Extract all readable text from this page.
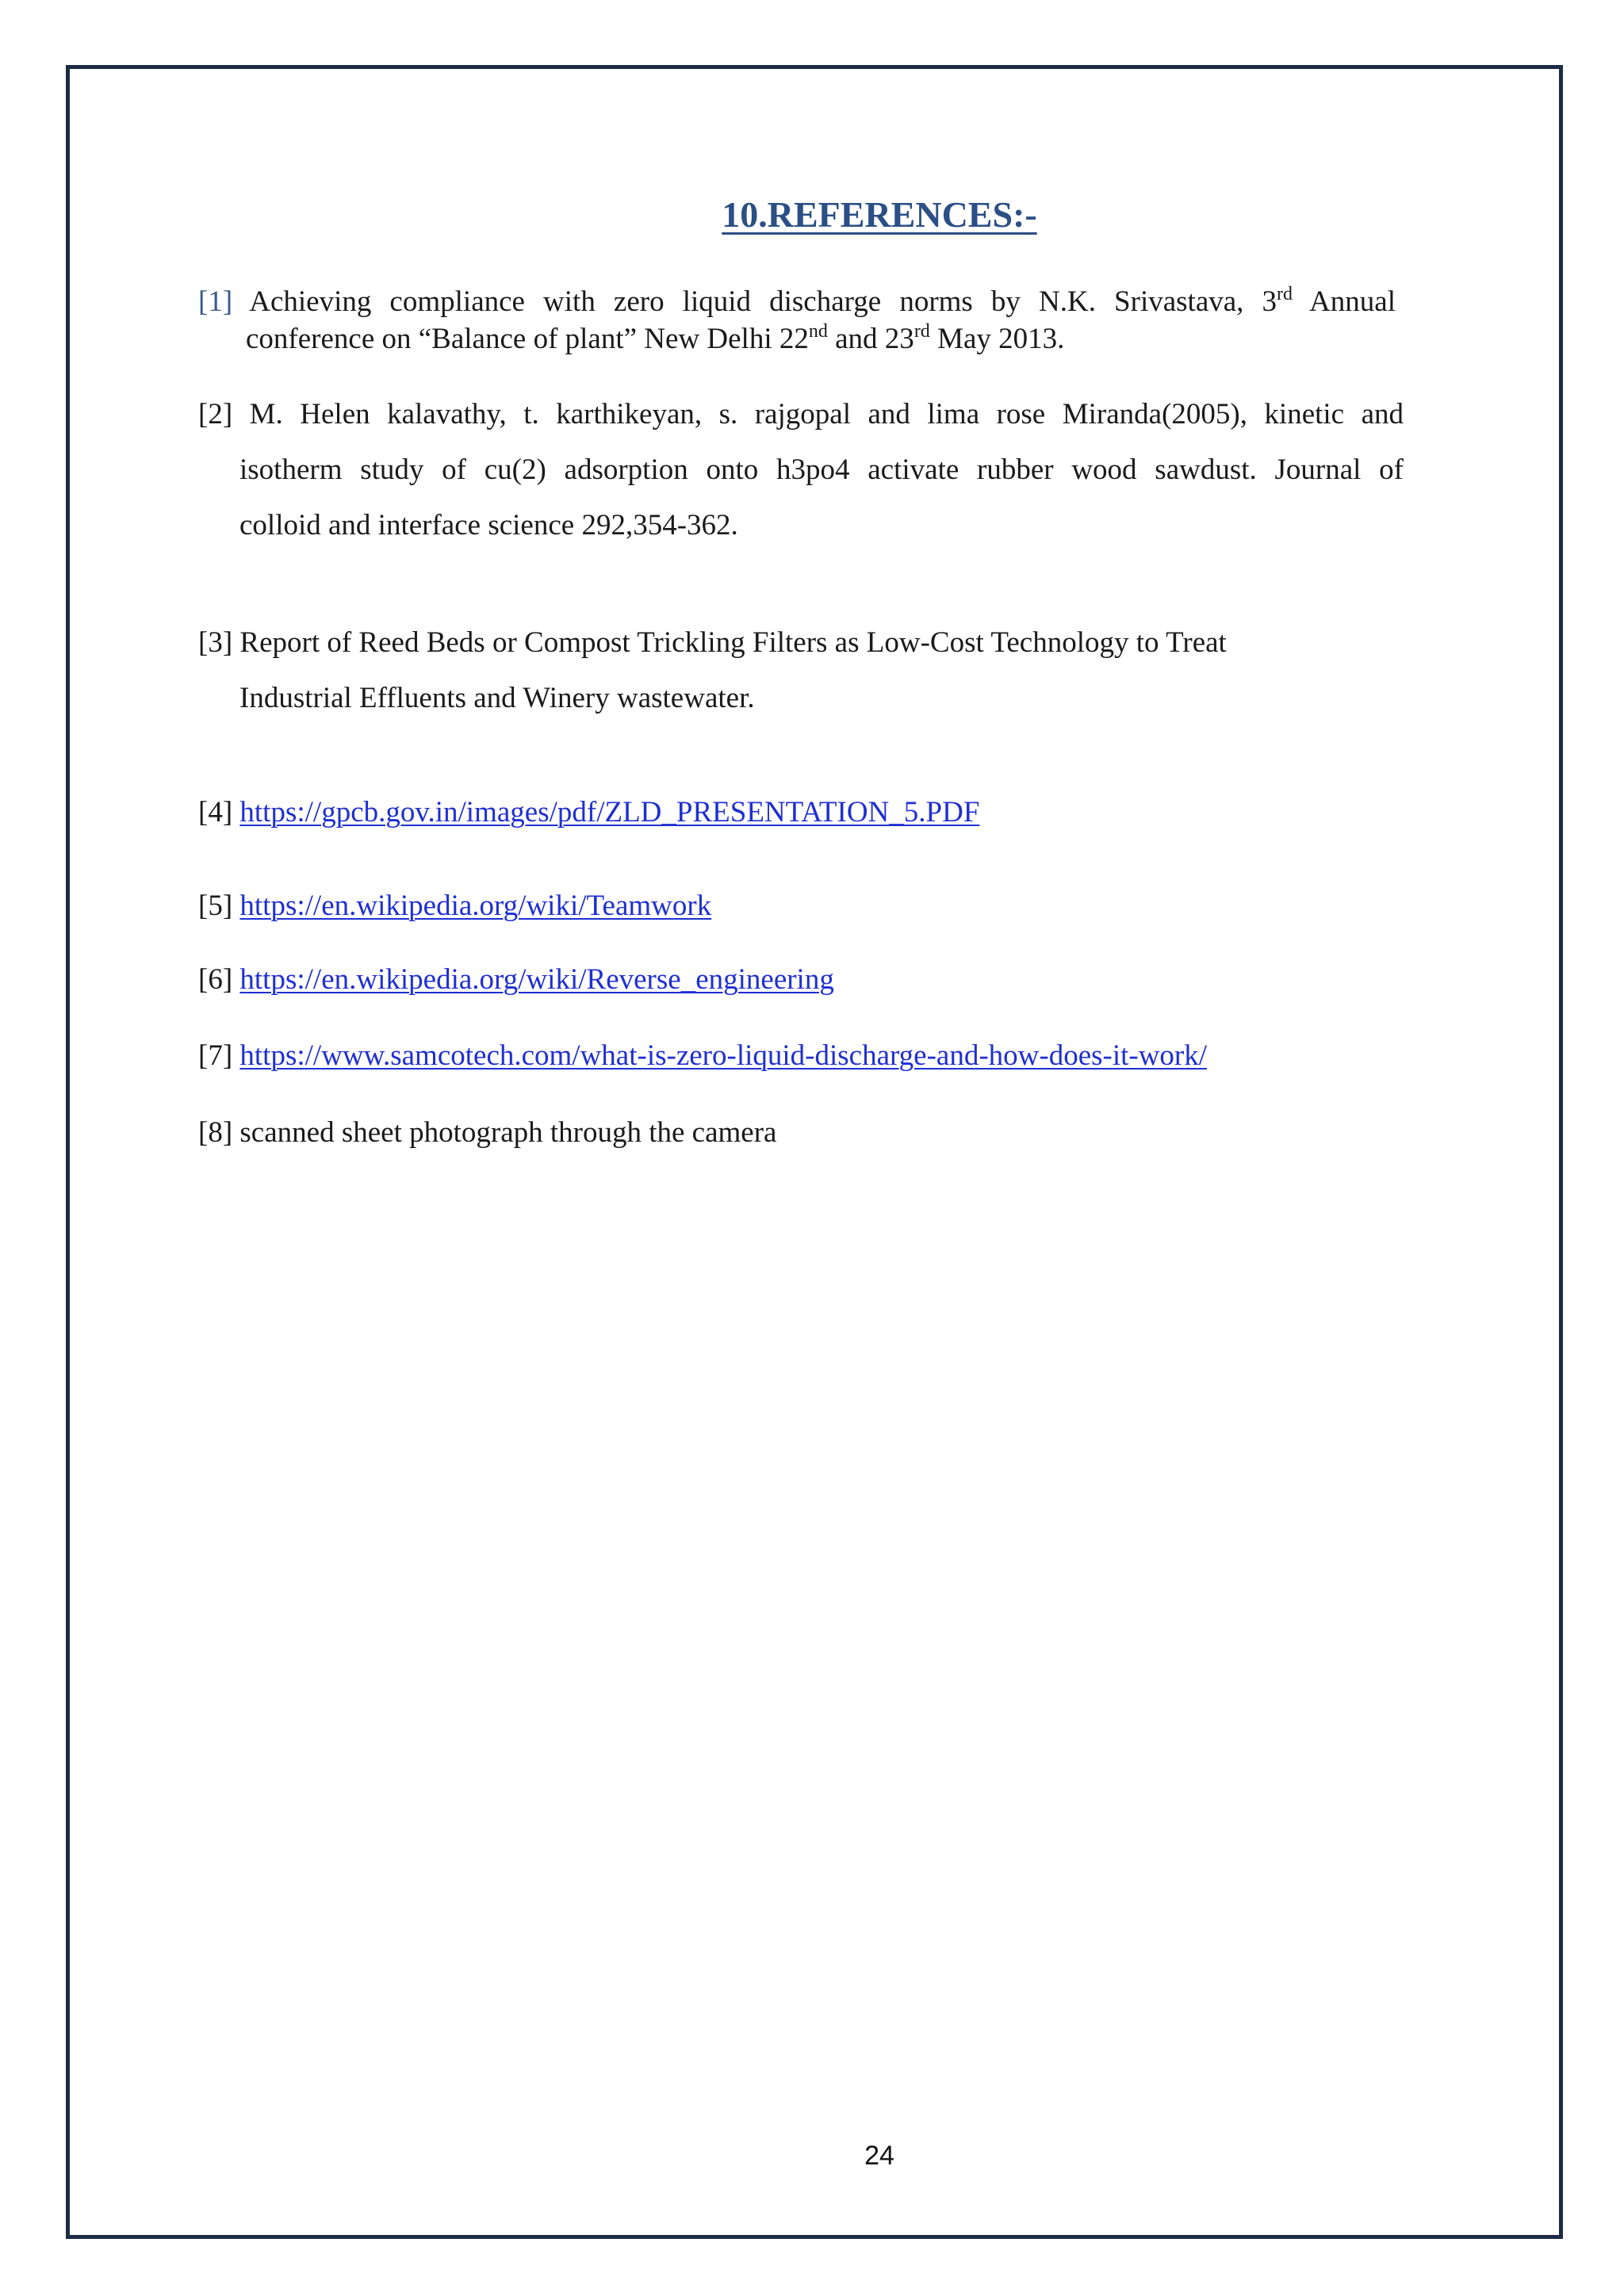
10.REFERENCES:-
[1] Achieving compliance with zero liquid discharge norms by N.K. Srivastava, 3rd Annual
conference on “Balance of plant” New Delhi 22nd and 23rd May 2013.
[2] M. Helen kalavathy, t. karthikeyan, s. rajgopal and lima rose Miranda(2005), kinetic and
isotherm study of cu(2) adsorption onto h3po4 activate rubber wood sawdust. Journal of
colloid and interface science 292,354-362.
[3] Report of Reed Beds or Compost Trickling Filters as Low-Cost Technology to Treat
Industrial Effluents and Winery wastewater.
[4] https://gpcb.gov.in/images/pdf/ZLD_PRESENTATION_5.PDF
[5] https://en.wikipedia.org/wiki/Teamwork
[6] https://en.wikipedia.org/wiki/Reverse_engineering
[7] https://www.samcotech.com/what-is-zero-liquid-discharge-and-how-does-it-work/
[8] scanned sheet photograph through the camera
24
